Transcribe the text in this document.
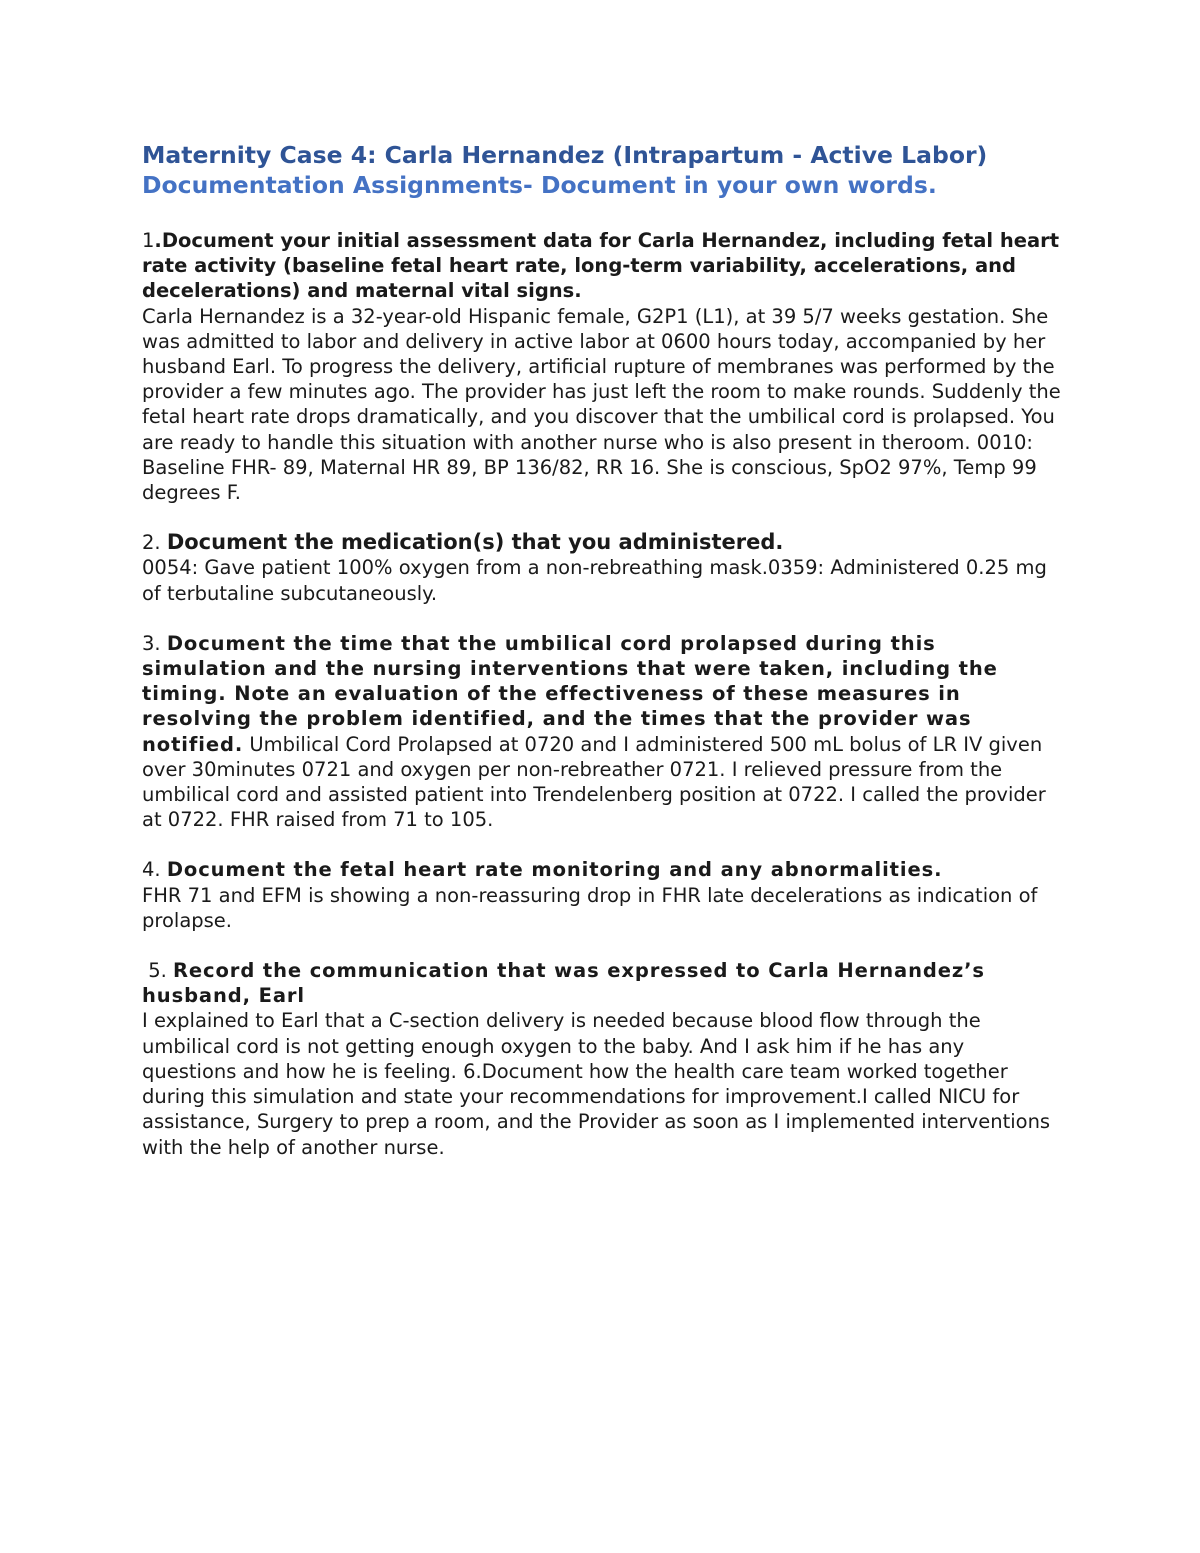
Maternity Case 4: Carla Hernandez (Intrapartum - Active Labor)

Documentation Assignments- Document in your own words.

1.Document your initial assessment data for Carla Hernandez, including fetal heart rate activity (baseline fetal heart rate, long-term variability, accelerations, and decelerations) and maternal vital signs.
Carla Hernandez is a 32-year-old Hispanic female, G2P1 (L1), at 39 5/7 weeks gestation. She was admitted to labor and delivery in active labor at 0600 hours today, accompanied by her husband Earl. To progress the delivery, artificial rupture of membranes was performed by the provider a few minutes ago. The provider has just left the room to make rounds. Suddenly the fetal heart rate drops dramatically, and you discover that the umbilical cord is prolapsed. You are ready to handle this situation with another nurse who is also present in theroom. 0010: Baseline FHR- 89, Maternal HR 89, BP 136/82, RR 16. She is conscious, SpO2 97%, Temp 99 degrees F.

2. Document the medication(s) that you administered.
0054: Gave patient 100% oxygen from a non-rebreathing mask.0359: Administered 0.25 mg of terbutaline subcutaneously.

3. Document the time that the umbilical cord prolapsed during this simulation and the nursing interventions that were taken, including the timing. Note an evaluation of the effectiveness of these measures in resolving the problem identified, and the times that the provider was notified. Umbilical Cord Prolapsed at 0720 and I administered 500 mL bolus of LR IV given over 30minutes 0721 and oxygen per non-rebreather 0721. I relieved pressure from the umbilical cord and assisted patient into Trendelenberg position at 0722. I called the provider at 0722. FHR raised from 71 to 105.

4. Document the fetal heart rate monitoring and any abnormalities.
FHR 71 and EFM is showing a non-reassuring drop in FHR late decelerations as indication of prolapse.

5. Record the communication that was expressed to Carla Hernandez’s husband, Earl
I explained to Earl that a C-section delivery is needed because blood flow through the umbilical cord is not getting enough oxygen to the baby. And I ask him if he has any questions and how he is feeling. 6.Document how the health care team worked together during this simulation and state your recommendations for improvement.I called NICU for assistance, Surgery to prep a room, and the Provider as soon as I implemented interventions with the help of another nurse.
